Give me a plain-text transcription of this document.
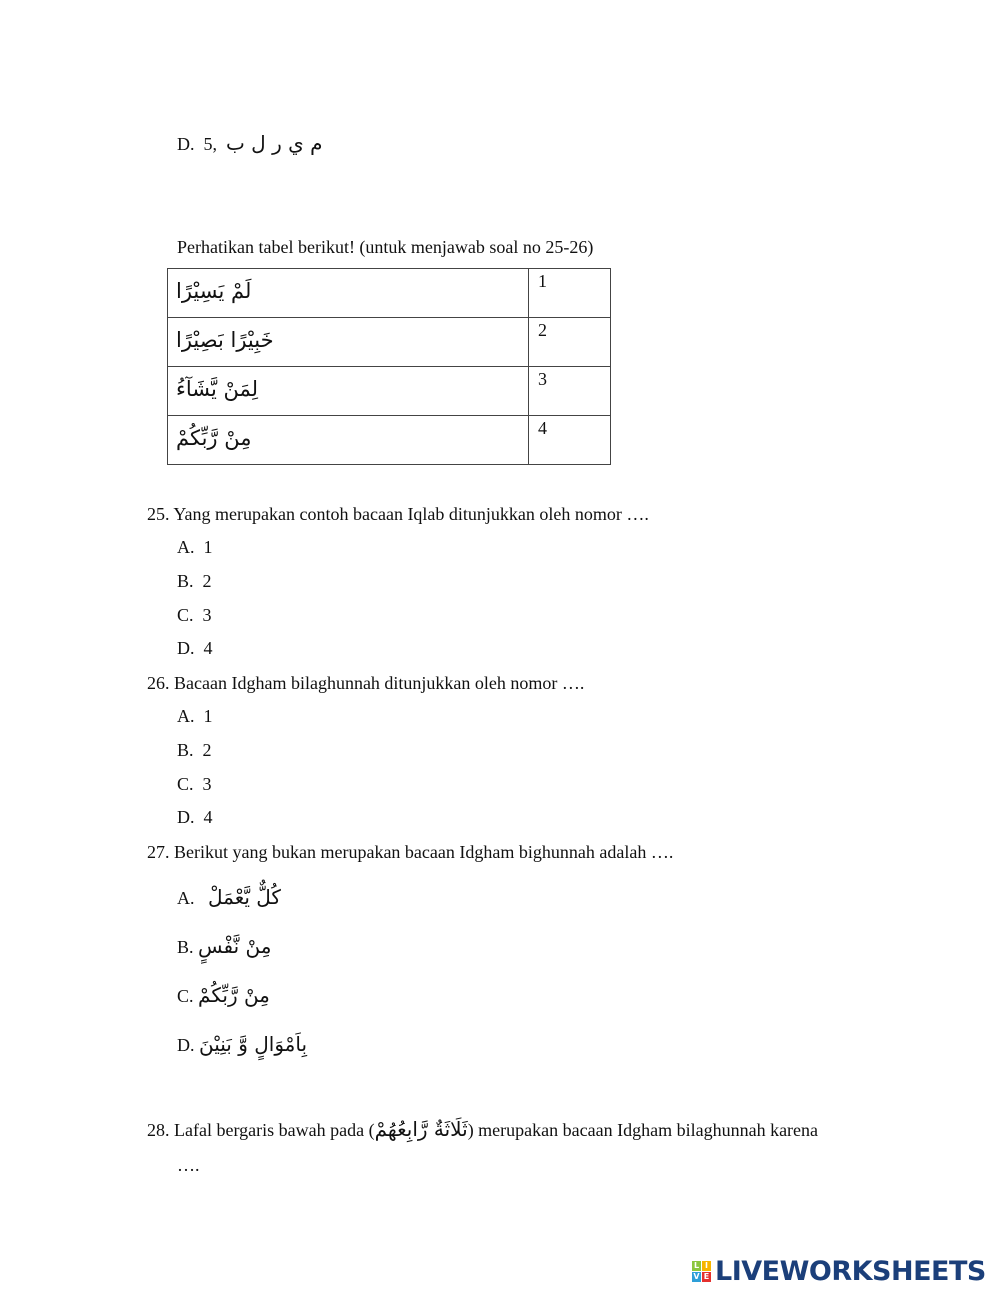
D. 5, م ي ر ل ب
Perhatikan tabel berikut! (untuk menjawab soal no 25-26)
لَمْ يَسِيْرًا	1
خَبِيْرًا بَصِيْرًا	2
لِمَنْ يَّشَآءُ	3
مِنْ رَّبِّكُمْ	4
25. Yang merupakan contoh bacaan Iqlab ditunjukkan oleh nomor ….
A. 1
B. 2
C. 3
D. 4
26. Bacaan Idgham bilaghunnah ditunjukkan oleh nomor ….
A. 1
B. 2
C. 3
D. 4
27. Berikut yang bukan merupakan bacaan Idgham bighunnah adalah ….
A. كُلٌّ يَّعْمَلْ
B. مِنْ نَّفْسٍ
C. مِنْ رَّبِّكُمْ
D. بِاَمْوَالٍ وَّ بَنِيْنَ
28. Lafal bergaris bawah pada (ثَلَاثَةٌ رَّابِعُهُمْ) merupakan bacaan Idgham bilaghunnah karena
….
L I
V E LIVEWORKSHEETS
